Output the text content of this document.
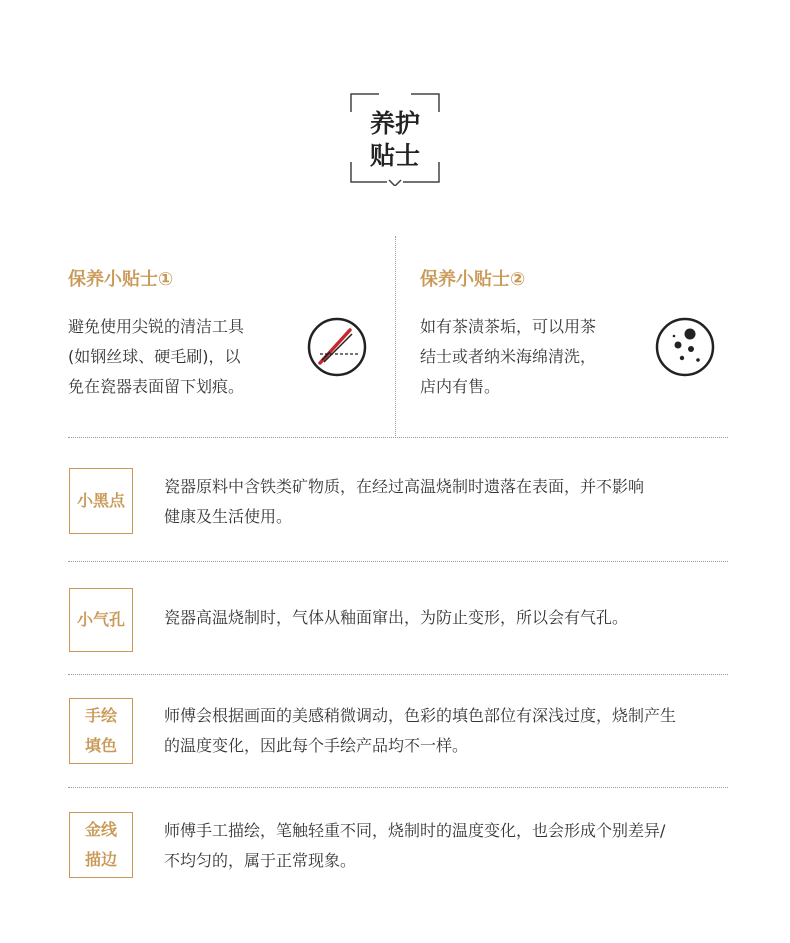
养护
贴士
保养小贴士①
避免使用尖锐的清洁工具
(如钢丝球、硬毛刷)，以
免在瓷器表面留下划痕。
保养小贴士②
如有茶渍茶垢，可以用茶
结士或者纳米海绵清洗，
店内有售。
小黑点
瓷器原料中含铁类矿物质，在经过高温烧制时遗落在表面，并不影响
健康及生活使用。
小气孔 瓷器高温烧制时，气体从釉面窜出，为防止变形，所以会有气孔。
手绘
填色
师傅会根据画面的美感稍微调动，色彩的填色部位有深浅过度，烧制产生
的温度变化，因此每个手绘产品均不一样。
金线
描边
师傅手工描绘，笔触轻重不同，烧制时的温度变化，也会形成个别差异/
不均匀的，属于正常现象。
